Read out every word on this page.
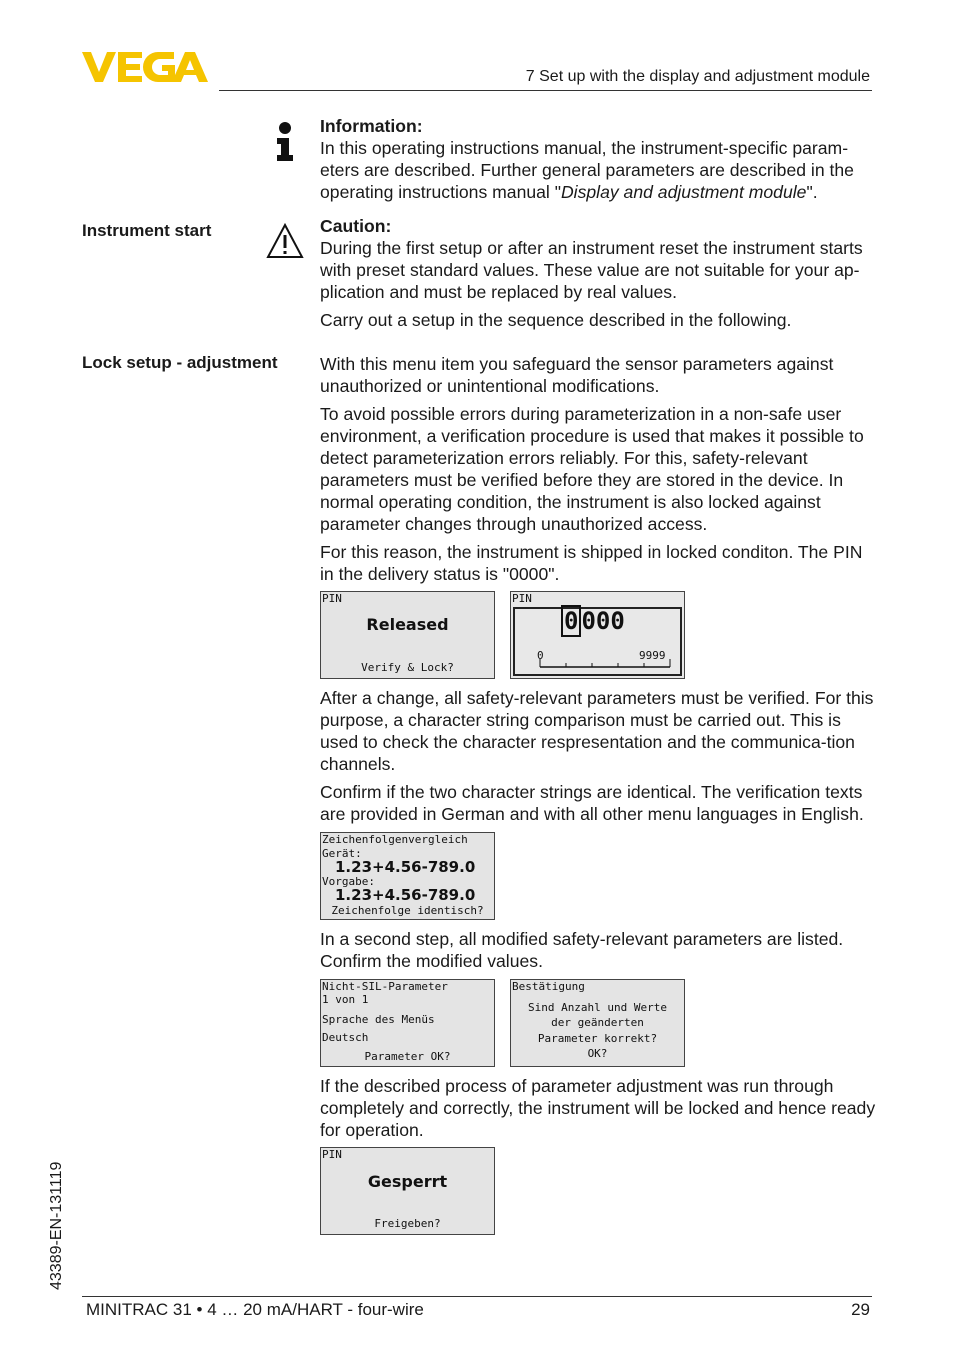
7 Set up with the display and adjustment module

Information:

In this operating instructions manual, the instrument-specific param-eters are described. Further general parameters are described in the operating instructions manual "Display and adjustment module".

Instrument start	Caution:

During the first setup or after an instrument reset the instrument starts with preset standard values. These value are not suitable for your ap-plication and must be replaced by real values.

Carry out a setup in the sequence described in the following.

Lock setup - adjustment With this menu item you safeguard the sensor parameters against unauthorized or unintentional modifications.

To avoid possible errors during parameterization in a non-safe user environment, a verification procedure is used that makes it possible to detect parameterization errors reliably. For this, safety-relevant parameters must be verified before they are stored in the device. In normal operating condition, the instrument is also locked against parameter changes through unauthorized access.

For this reason, the instrument is shipped in locked conditon. The PIN in the delivery status is "0000".

PIN
Released
Verify & Lock?
PIN
0 000
0	9999

After a change, all safety-relevant parameters must be verified. For this purpose, a character string comparison must be carried out. This is used to check the character respresentation and the communica-tion channels.

Confirm if the two character strings are identical. The verification texts are provided in German and with all other menu languages in English.

Zeichenfolgenvergleich
Gerät:
1.23+4.56-789.0
Vorgabe:
1.23+4.56-789.0
Zeichenfolge identisch?

In a second step, all modified safety-relevant parameters are listed. Confirm the modified values.

Nicht-SIL-Parameter
1 von 1
Sprache des Menüs
Deutsch
Parameter OK?
Bestätigung
Sind Anzahl und Werte
der geänderten
Parameter korrekt?
OK?

If the described process of parameter adjustment was run through completely and correctly, the instrument will be locked and hence ready for operation.

PIN
Gesperrt
Freigeben?
43389-EN-131119
MINITRAC 31 • 4 … 20 mA/HART - four-wire	29
